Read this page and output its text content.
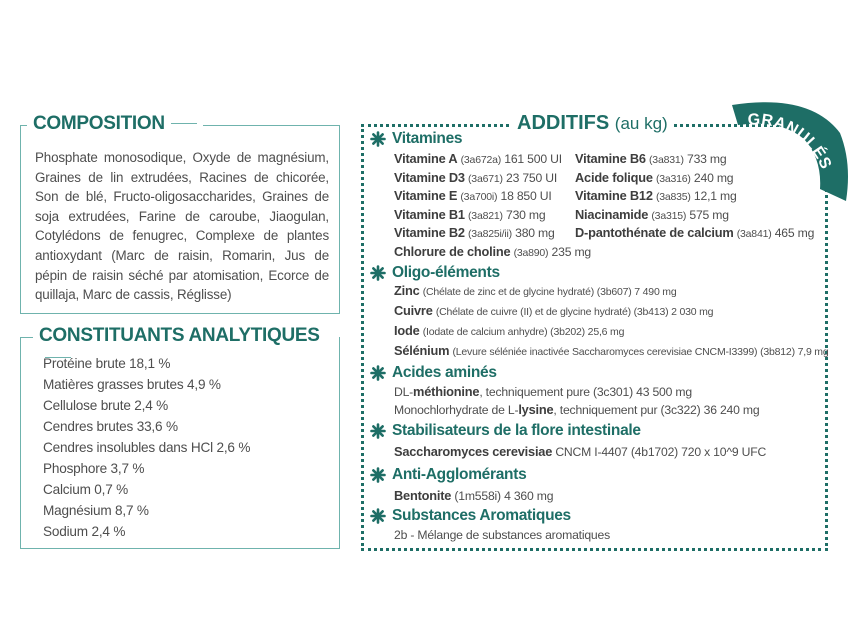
COMPOSITION
Phosphate monosodique, Oxyde de magnésium, Graines de lin extrudées, Racines de chicorée, Son de blé, Fructo-oligosaccharides, Graines de soja extrudées, Farine de caroube, Jiaogulan, Cotylédons de fenugrec, Complexe de plantes antioxydant (Marc de raisin, Romarin, Jus de pépin de raisin séché par atomisation, Ecorce de quillaja, Marc de cassis, Réglisse)
CONSTITUANTS ANALYTIQUES
Protéine brute 18,1 %
Matières grasses brutes 4,9 %
Cellulose brute 2,4 %
Cendres brutes 33,6 %
Cendres insolubles dans HCl 2,6 %
Phosphore 3,7 %
Calcium 0,7 %
Magnésium 8,7 %
Sodium 2,4 %
ADDITIFS (au kg)
Vitamines
Oligo-éléments
Acides aminés
Stabilisateurs de la flore intestinale
Saccharomyces cerevisiae CNCM I-4407 (4b1702) 720 x 10^9 UFC
Anti-Agglomérants
Bentonite (1m558i) 4 360 mg
Substances Aromatiques
2b - Mélange de substances aromatiques
Vitamine A (3a672a) 161 500 UI
Vitamine D3 (3a671) 23 750 UI
Vitamine E (3a700i) 18 850 UI
Vitamine B1 (3a821) 730 mg
Vitamine B2 (3a825i/ii) 380 mg
Chlorure de choline (3a890) 235 mg
Vitamine B6 (3a831) 733 mg
Acide folique (3a316) 240 mg
Vitamine B12 (3a835) 12,1 mg
Niacinamide (3a315) 575 mg
D-pantothénate de calcium (3a841) 465 mg
Zinc (Chélate de zinc et de glycine hydraté) (3b607) 7 490 mg
Cuivre (Chélate de cuivre (II) et de glycine hydraté) (3b413) 2 030 mg
Iode (Iodate de calcium anhydre) (3b202) 25,6 mg
Sélénium (Levure séléniée inactivée Saccharomyces cerevisiae CNCM-I3399) (3b812) 7,9 mg
DL-méthionine, techniquement pure (3c301) 43 500 mg
Monochlorhydrate de L-lysine, techniquement pur (3c322) 36 240 mg
GRANULÉS
